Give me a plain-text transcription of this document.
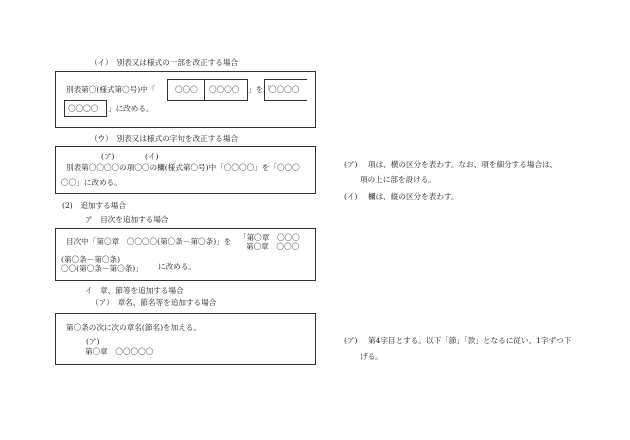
（イ）　別表又は様式の一部を改正する場合
別表第〇(様式第〇号)中「	〇〇〇 〇〇〇〇 」を「
〇〇〇〇
〇〇〇〇 」に改める。
（ウ）　別表又は様式の字句を改正する場合
(ア)	(イ)
別表第〇〇〇〇の項〇〇の欄(様式第〇号)中「〇〇〇〇」を「〇〇〇
〇〇」に改める。
(2)　追加する場合
ア　目次を追加する場合
目次中「第〇章　〇〇〇〇(第〇条－第〇条)」を 「第〇章　〇〇〇
第〇章　〇〇〇
(第〇条－第〇条)
〇〇(第〇条－第〇条)」 に改める。
イ　章、節等を追加する場合
（ア）　章名、節名等を追加する場合
第〇条の次に次の章名(節名)を加える。
(ア)
第〇章　〇〇〇〇〇
(ア) 項は、横の区分を表わす。なお、項を細分する場合は、
項の上に部を設ける。
(イ) 欄は、縦の区分を表わす。
(ア) 第4字目とする。以下「節」「款」となるに従い、1字ずつ下
げる。
